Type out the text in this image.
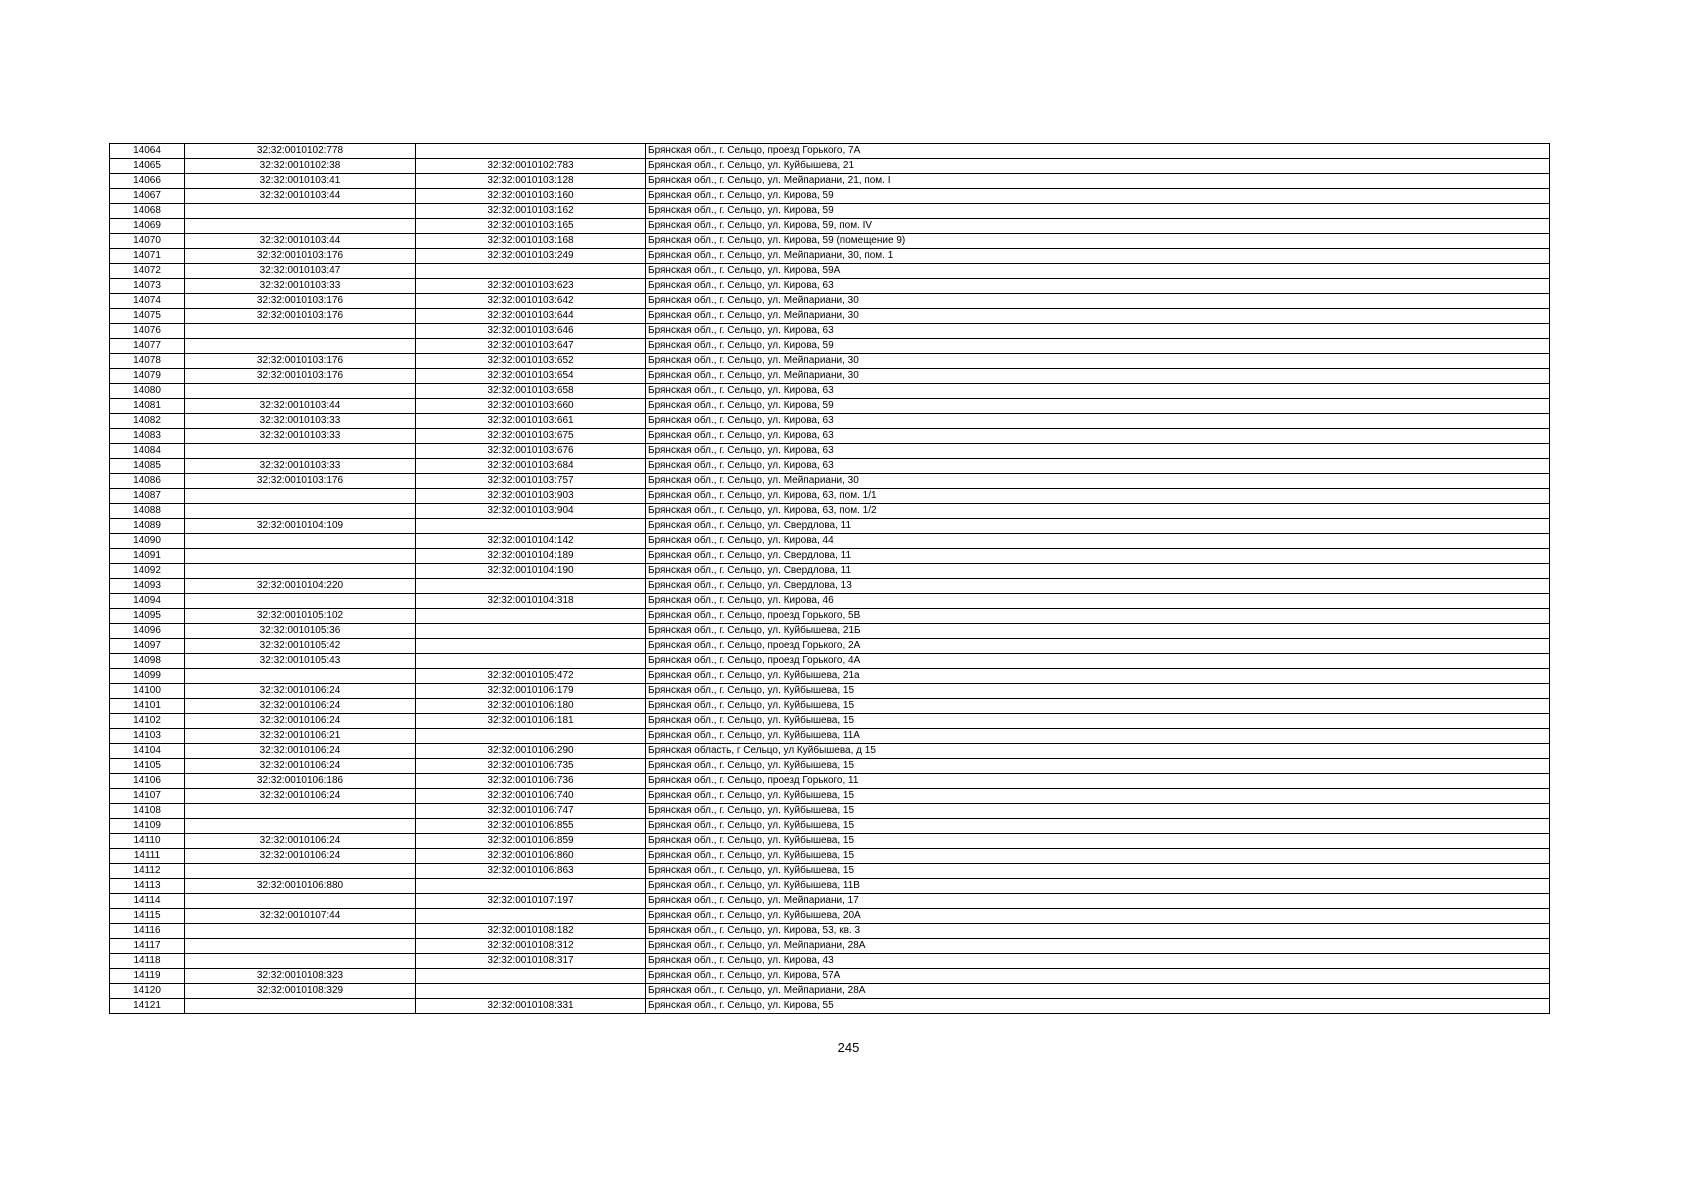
14064	32:32:0010102:778		Брянская обл., г. Сельцо, проезд Горького, 7А
14065	32:32:0010102:38	32:32:0010102:783	Брянская обл., г. Сельцо, ул. Куйбышева, 21
14066	32:32:0010103:41	32:32:0010103:128	Брянская обл., г. Сельцо, ул. Мейпариани, 21, пом. I
14067	32:32:0010103:44	32:32:0010103:160	Брянская обл., г. Сельцо, ул. Кирова, 59
14068		32:32:0010103:162	Брянская обл., г. Сельцо, ул. Кирова, 59
14069		32:32:0010103:165	Брянская обл., г. Сельцо, ул. Кирова, 59, пом. IV
14070	32:32:0010103:44	32:32:0010103:168	Брянская обл., г. Сельцо, ул. Кирова, 59 (помещение 9)
14071	32:32:0010103:176	32:32:0010103:249	Брянская обл., г. Сельцо, ул. Мейпариани, 30, пом. 1
14072	32:32:0010103:47		Брянская обл., г. Сельцо, ул. Кирова, 59А
14073	32:32:0010103:33	32:32:0010103:623	Брянская обл., г. Сельцо, ул. Кирова, 63
14074	32:32:0010103:176	32:32:0010103:642	Брянская обл., г. Сельцо, ул. Мейпариани, 30
14075	32:32:0010103:176	32:32:0010103:644	Брянская обл., г. Сельцо, ул. Мейпариани, 30
14076		32:32:0010103:646	Брянская обл., г. Сельцо, ул. Кирова, 63
14077		32:32:0010103:647	Брянская обл., г. Сельцо, ул. Кирова, 59
14078	32:32:0010103:176	32:32:0010103:652	Брянская обл., г. Сельцо, ул. Мейпариани, 30
14079	32:32:0010103:176	32:32:0010103:654	Брянская обл., г. Сельцо, ул. Мейпариани, 30
14080		32:32:0010103:658	Брянская обл., г. Сельцо, ул. Кирова, 63
14081	32:32:0010103:44	32:32:0010103:660	Брянская обл., г. Сельцо, ул. Кирова, 59
14082	32:32:0010103:33	32:32:0010103:661	Брянская обл., г. Сельцо, ул. Кирова, 63
14083	32:32:0010103:33	32:32:0010103:675	Брянская обл., г. Сельцо, ул. Кирова, 63
14084		32:32:0010103:676	Брянская обл., г. Сельцо, ул. Кирова, 63
14085	32:32:0010103:33	32:32:0010103:684	Брянская обл., г. Сельцо, ул. Кирова, 63
14086	32:32:0010103:176	32:32:0010103:757	Брянская обл., г. Сельцо, ул. Мейпариани, 30
14087		32:32:0010103:903	Брянская обл., г. Сельцо, ул. Кирова, 63, пом. 1/1
14088		32:32:0010103:904	Брянская обл., г. Сельцо, ул. Кирова, 63, пом. 1/2
14089	32:32:0010104:109		Брянская обл., г. Сельцо, ул. Свердлова, 11
14090		32:32:0010104:142	Брянская обл., г. Сельцо, ул. Кирова, 44
14091		32:32:0010104:189	Брянская обл., г. Сельцо, ул. Свердлова, 11
14092		32:32:0010104:190	Брянская обл., г. Сельцо, ул. Свердлова, 11
14093	32:32:0010104:220		Брянская обл., г. Сельцо, ул. Свердлова, 13
14094		32:32:0010104:318	Брянская обл., г. Сельцо, ул. Кирова, 46
14095	32:32:0010105:102		Брянская обл., г. Сельцо, проезд Горького, 5В
14096	32:32:0010105:36		Брянская обл., г. Сельцо, ул. Куйбышева, 21Б
14097	32:32:0010105:42		Брянская обл., г. Сельцо, проезд Горького, 2А
14098	32:32:0010105:43		Брянская обл., г. Сельцо, проезд Горького, 4А
14099		32:32:0010105:472	Брянская обл., г. Сельцо, ул. Куйбышева, 21а
14100	32:32:0010106:24	32:32:0010106:179	Брянская обл., г. Сельцо, ул. Куйбышева, 15
14101	32:32:0010106:24	32:32:0010106:180	Брянская обл., г. Сельцо, ул. Куйбышева, 15
14102	32:32:0010106:24	32:32:0010106:181	Брянская обл., г. Сельцо, ул. Куйбышева, 15
14103	32:32:0010106:21		Брянская обл., г. Сельцо, ул. Куйбышева, 11А
14104	32:32:0010106:24	32:32:0010106:290	Брянская область, г Сельцо, ул Куйбышева, д 15
14105	32:32:0010106:24	32:32:0010106:735	Брянская обл., г. Сельцо, ул. Куйбышева, 15
14106	32:32:0010106:186	32:32:0010106:736	Брянская обл., г. Сельцо, проезд Горького, 11
14107	32:32:0010106:24	32:32:0010106:740	Брянская обл., г. Сельцо, ул. Куйбышева, 15
14108		32:32:0010106:747	Брянская обл., г. Сельцо, ул. Куйбышева, 15
14109		32:32:0010106:855	Брянская обл., г. Сельцо, ул. Куйбышева, 15
14110	32:32:0010106:24	32:32:0010106:859	Брянская обл., г. Сельцо, ул. Куйбышева, 15
14111	32:32:0010106:24	32:32:0010106:860	Брянская обл., г. Сельцо, ул. Куйбышева, 15
14112		32:32:0010106:863	Брянская обл., г. Сельцо, ул. Куйбышева, 15
14113	32:32:0010106:880		Брянская обл., г. Сельцо, ул. Куйбышева, 11В
14114		32:32:0010107:197	Брянская обл., г. Сельцо, ул. Мейпариани, 17
14115	32:32:0010107:44		Брянская обл., г. Сельцо, ул. Куйбышева, 20А
14116		32:32:0010108:182	Брянская обл., г. Сельцо, ул. Кирова, 53, кв. 3
14117		32:32:0010108:312	Брянская обл., г. Сельцо, ул. Мейпариани, 28А
14118		32:32:0010108:317	Брянская обл., г. Сельцо, ул. Кирова, 43
14119	32:32:0010108:323		Брянская обл., г. Сельцо, ул. Кирова, 57А
14120	32:32:0010108:329		Брянская обл., г. Сельцо, ул. Мейпариани, 28А
14121		32:32:0010108:331	Брянская обл., г. Сельцо, ул. Кирова, 55
245
